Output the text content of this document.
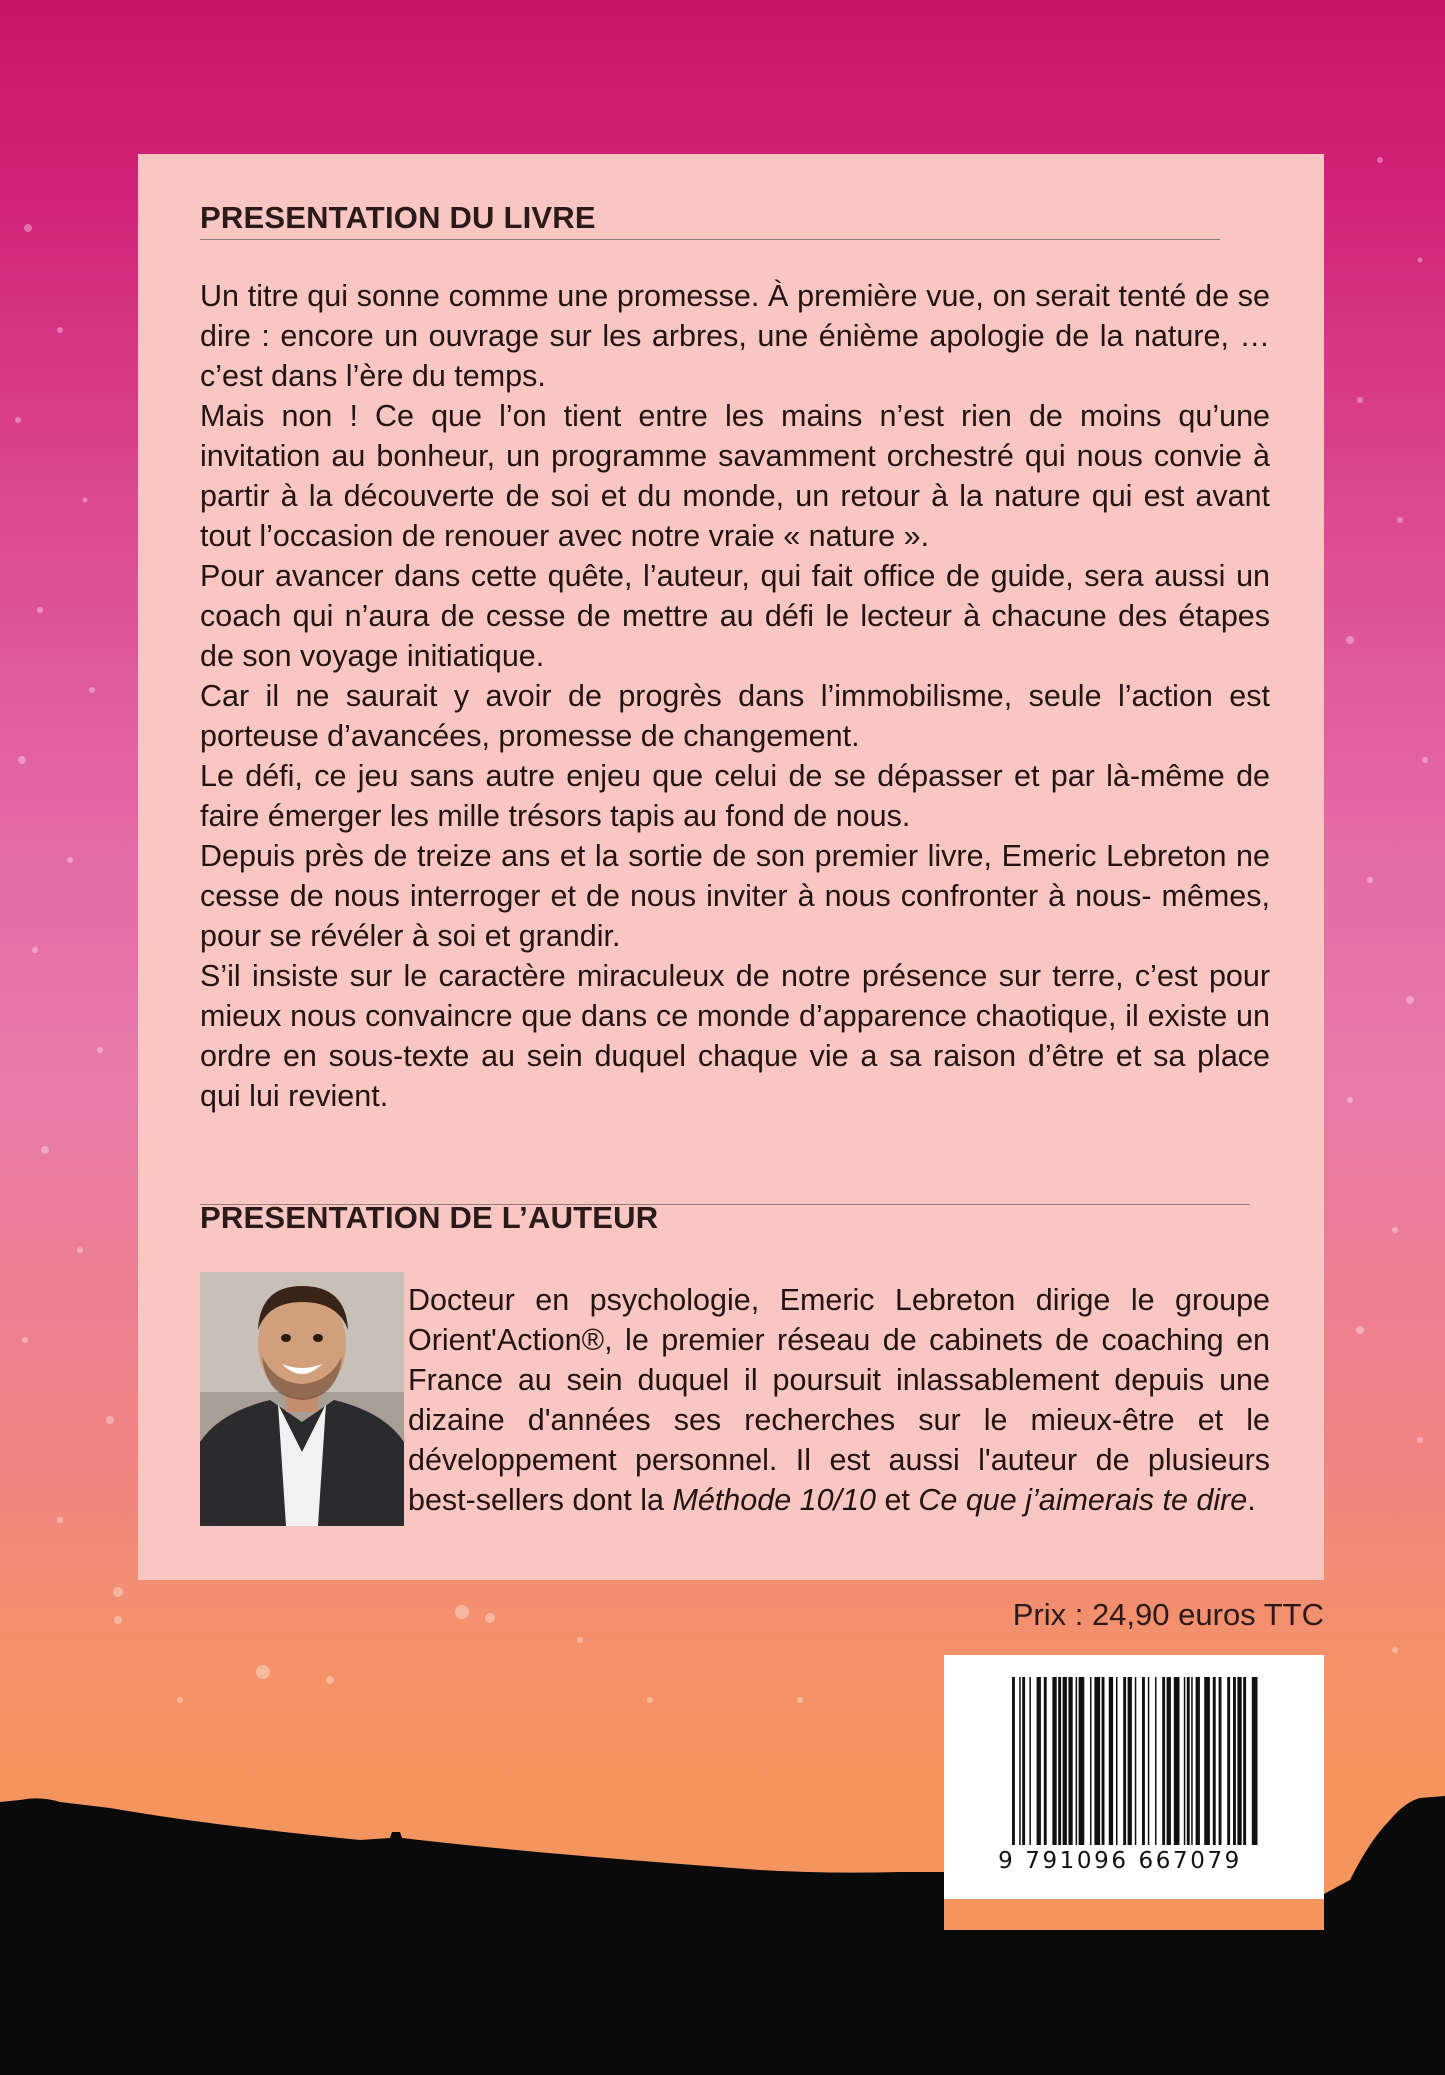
PRESENTATION DU LIVRE

Un titre qui sonne comme une promesse. À première vue, on serait tenté de se dire : encore un ouvrage sur les arbres, une énième apologie de la nature, …c’est dans l’ère du temps.

Mais non ! Ce que l’on tient entre les mains n’est rien de moins qu’une invitation au bonheur, un programme savamment orchestré qui nous convie à partir à la découverte de soi et du monde, un retour à la nature qui est avant tout l’occasion de renouer avec notre vraie « nature ».

Pour avancer dans cette quête, l’auteur, qui fait office de guide, sera aussi un coach qui n’aura de cesse de mettre au défi le lecteur à chacune des étapes de son voyage initiatique.

Car il ne saurait y avoir de progrès dans l’immobilisme, seule l’action est porteuse d’avancées, promesse de changement.

Le défi, ce jeu sans autre enjeu que celui de se dépasser et par là-même de faire émerger les mille trésors tapis au fond de nous.

Depuis près de treize ans et la sortie de son premier livre, Emeric Lebreton ne cesse de nous interroger et de nous inviter à nous confronter à nous- mêmes, pour se révéler à soi et grandir.

S’il insiste sur le caractère miraculeux de notre présence sur terre, c’est pour mieux nous convaincre que dans ce monde d’apparence chaotique, il existe un ordre en sous-texte au sein duquel chaque vie a sa raison d’être et sa place qui lui revient.

PRESENTATION DE L’AUTEUR

Docteur en psychologie, Emeric Lebreton dirige le groupe Orient'Action®, le premier réseau de cabinets de coaching en France au sein duquel il poursuit inlassablement depuis une dizaine d'années ses recherches sur le mieux-être et le développement personnel. Il est aussi l'auteur de plusieurs best-sellers dont la Méthode 10/10 et Ce que j’aimerais te dire.

Prix : 24,90 euros TTC
9 791096 667079
